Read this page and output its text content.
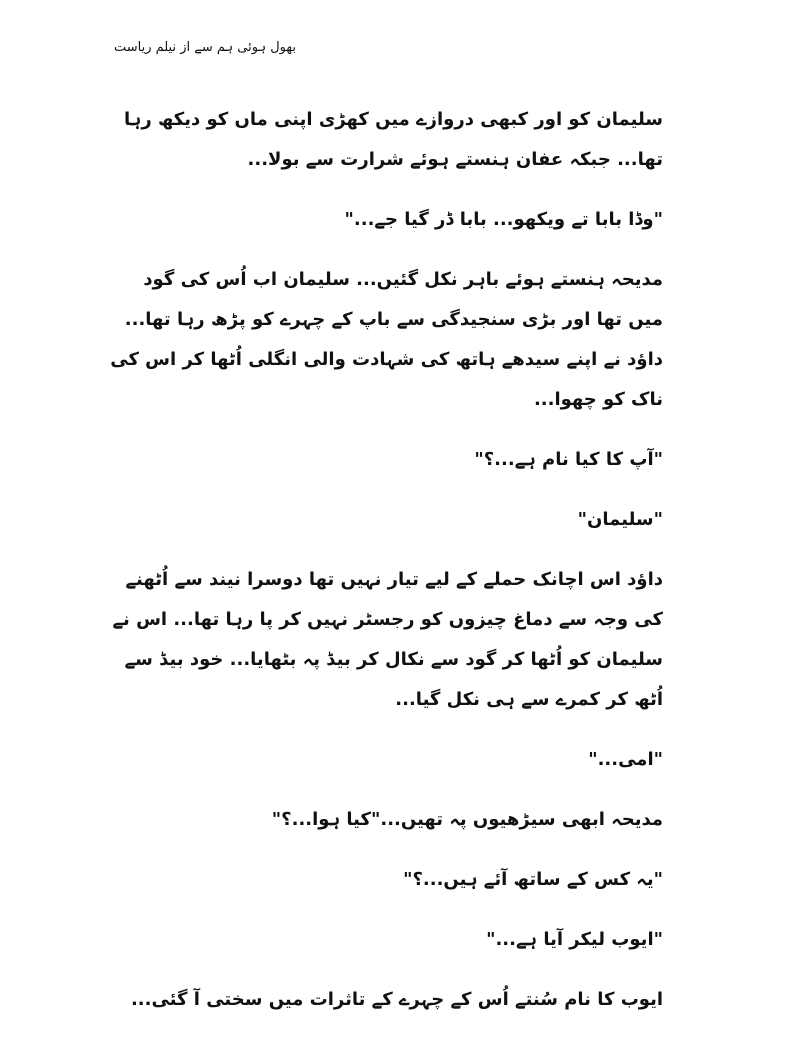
بھول ہوئی ہم سے از نیلم ریاست

سلیمان کو اور کبھی دروازے میں کھڑی اپنی ماں کو دیکھ رہا تھا... جبکہ عفان ہنستے ہوئے شرارت سے بولا...

"وڈا بابا تے ویکھو... بابا ڈر گیا جے..."

مدیحہ ہنستے ہوئے باہر نکل گئیں... سلیمان اب اُس کی گود میں تھا اور بڑی سنجیدگی سے باپ کے چہرے کو پڑھ رہا تھا... داؤد نے اپنے سیدھے ہاتھ کی شہادت والی انگلی اُٹھا کر اس کی ناک کو چھوا...

"آپ کا کیا نام ہے...؟"

"سلیمان"

داؤد اس اچانک حملے کے لیے تیار نہیں تھا دوسرا نیند سے اُٹھنے کی وجہ سے دماغ چیزوں کو رجسٹر نہیں کر پا رہا تھا... اس نے سلیمان کو اُٹھا کر گود سے نکال کر بیڈ پہ بٹھایا... خود بیڈ سے اُٹھ کر کمرے سے ہی نکل گیا...

"امی..."

مدیحہ ابھی سیڑھیوں پہ تھیں..."کیا ہوا...؟"

"یہ کس کے ساتھ آئے ہیں...؟"

"ایوب لیکر آیا ہے..."

ایوب کا نام سُنتے اُس کے چہرے کے تاثرات میں سختی آ گئی...
